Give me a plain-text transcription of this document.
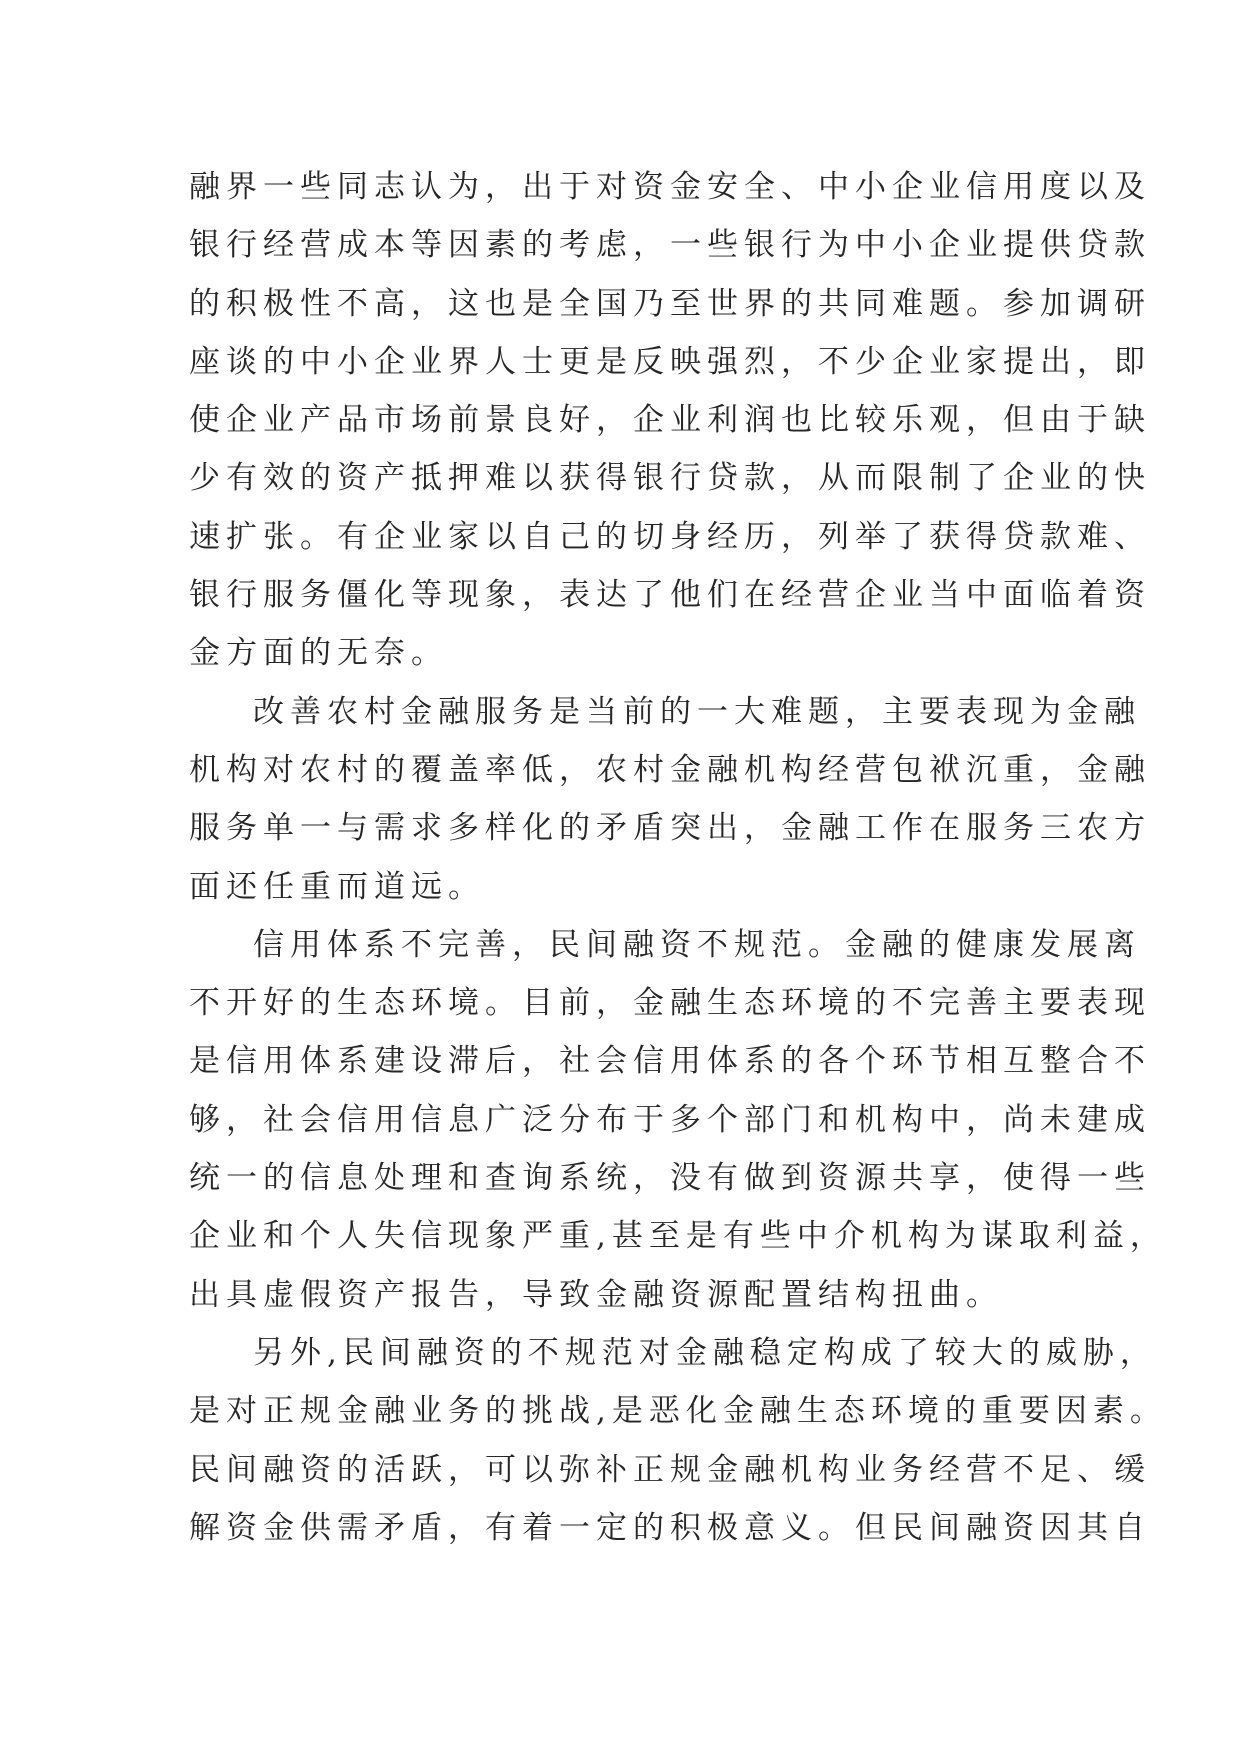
融界一些同志认为，出于对资金安全、中小企业信用度以及
银行经营成本等因素的考虑，一些银行为中小企业提供贷款
的积极性不高，这也是全国乃至世界的共同难题。参加调研
座谈的中小企业界人士更是反映强烈，不少企业家提出，即
使企业产品市场前景良好，企业利润也比较乐观，但由于缺
少有效的资产抵押难以获得银行贷款，从而限制了企业的快
速扩张。有企业家以自己的切身经历，列举了获得贷款难、
银行服务僵化等现象，表达了他们在经营企业当中面临着资
金方面的无奈。
改善农村金融服务是当前的一大难题，主要表现为金融
机构对农村的覆盖率低，农村金融机构经营包袱沉重，金融
服务单一与需求多样化的矛盾突出，金融工作在服务三农方
面还任重而道远。
信用体系不完善，民间融资不规范。金融的健康发展离
不开好的生态环境。目前，金融生态环境的不完善主要表现
是信用体系建设滞后，社会信用体系的各个环节相互整合不
够，社会信用信息广泛分布于多个部门和机构中，尚未建成
统一的信息处理和查询系统，没有做到资源共享，使得一些
企业和个人失信现象严重,甚至是有些中介机构为谋取利益，
出具虚假资产报告，导致金融资源配置结构扭曲。
另外,民间融资的不规范对金融稳定构成了较大的威胁，
是对正规金融业务的挑战,是恶化金融生态环境的重要因素。
民间融资的活跃，可以弥补正规金融机构业务经营不足、缓
解资金供需矛盾，有着一定的积极意义。但民间融资因其自
